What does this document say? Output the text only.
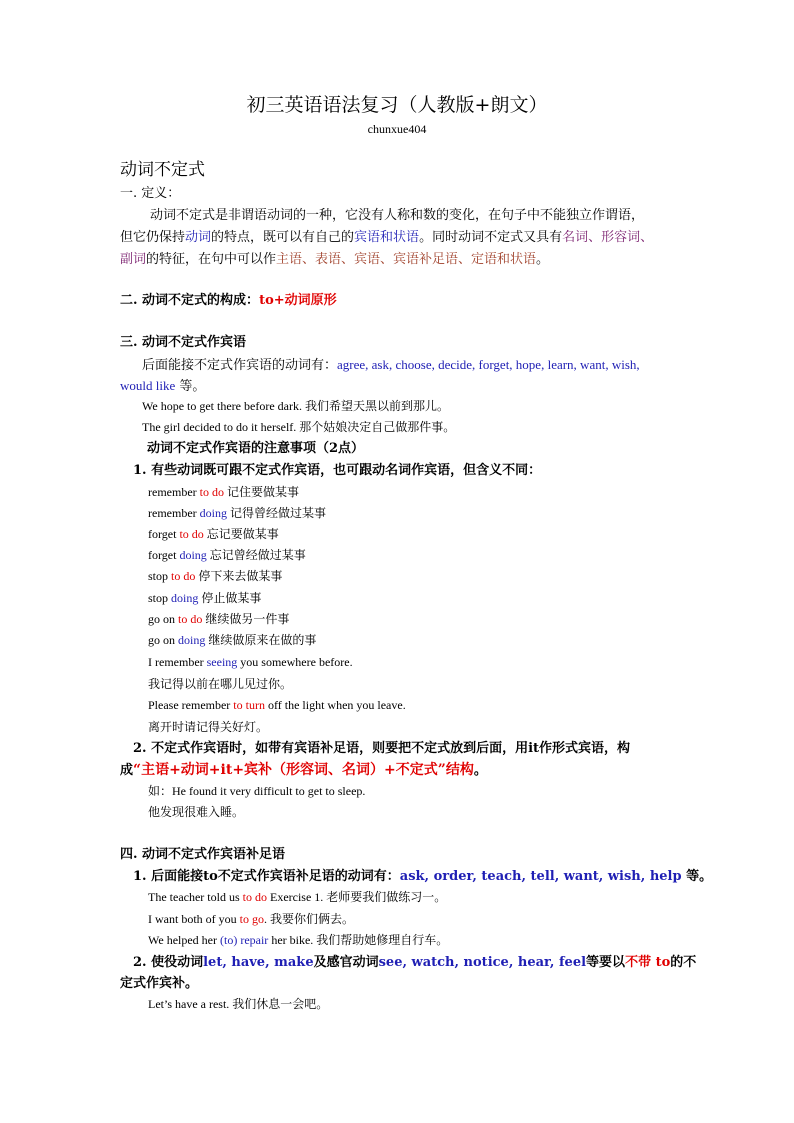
初三英语语法复习（人教版+朗文）
chunxue404
动词不定式
一. 定义：
动词不定式是非谓语动词的一种，它没有人称和数的变化，在句子中不能独立作谓语，
但它仍保持动词的特点，既可以有自己的宾语和状语。同时动词不定式又具有名词、形容词、
副词的特征，在句中可以作主语、表语、宾语、宾语补足语、定语和状语。
二. 动词不定式的构成：to+动词原形
三. 动词不定式作宾语
后面能接不定式作宾语的动词有：agree, ask, choose, decide, forget, hope, learn, want, wish,
would like 等。
We hope to get there before dark. 我们希望天黑以前到那儿。
The girl decided to do it herself. 那个姑娘决定自己做那件事。
动词不定式作宾语的注意事项（2点）
1. 有些动词既可跟不定式作宾语，也可跟动名词作宾语，但含义不同：
remember to do 记住要做某事
remember doing 记得曾经做过某事
forget to do 忘记要做某事
forget doing 忘记曾经做过某事
stop to do 停下来去做某事
stop doing 停止做某事
go on to do 继续做另一件事
go on doing 继续做原来在做的事
I remember seeing you somewhere before.
我记得以前在哪儿见过你。
Please remember to turn off the light when you leave.
离开时请记得关好灯。
2. 不定式作宾语时，如带有宾语补足语，则要把不定式放到后面，用it作形式宾语，构
成“主语+动词+it+宾补（形容词、名词）+不定式”结构。
如：He found it very difficult to get to sleep.
他发现很难入睡。
四. 动词不定式作宾语补足语
1. 后面能接to不定式作宾语补足语的动词有：ask, order, teach, tell, want, wish, help 等。
The teacher told us to do Exercise 1. 老师要我们做练习一。
I want both of you to go. 我要你们俩去。
We helped her (to) repair her bike. 我们帮助她修理自行车。
2. 使役动词let, have, make及感官动词see, watch, notice, hear, feel等要以不带 to的不
定式作宾补。
Let’s have a rest. 我们休息一会吧。
